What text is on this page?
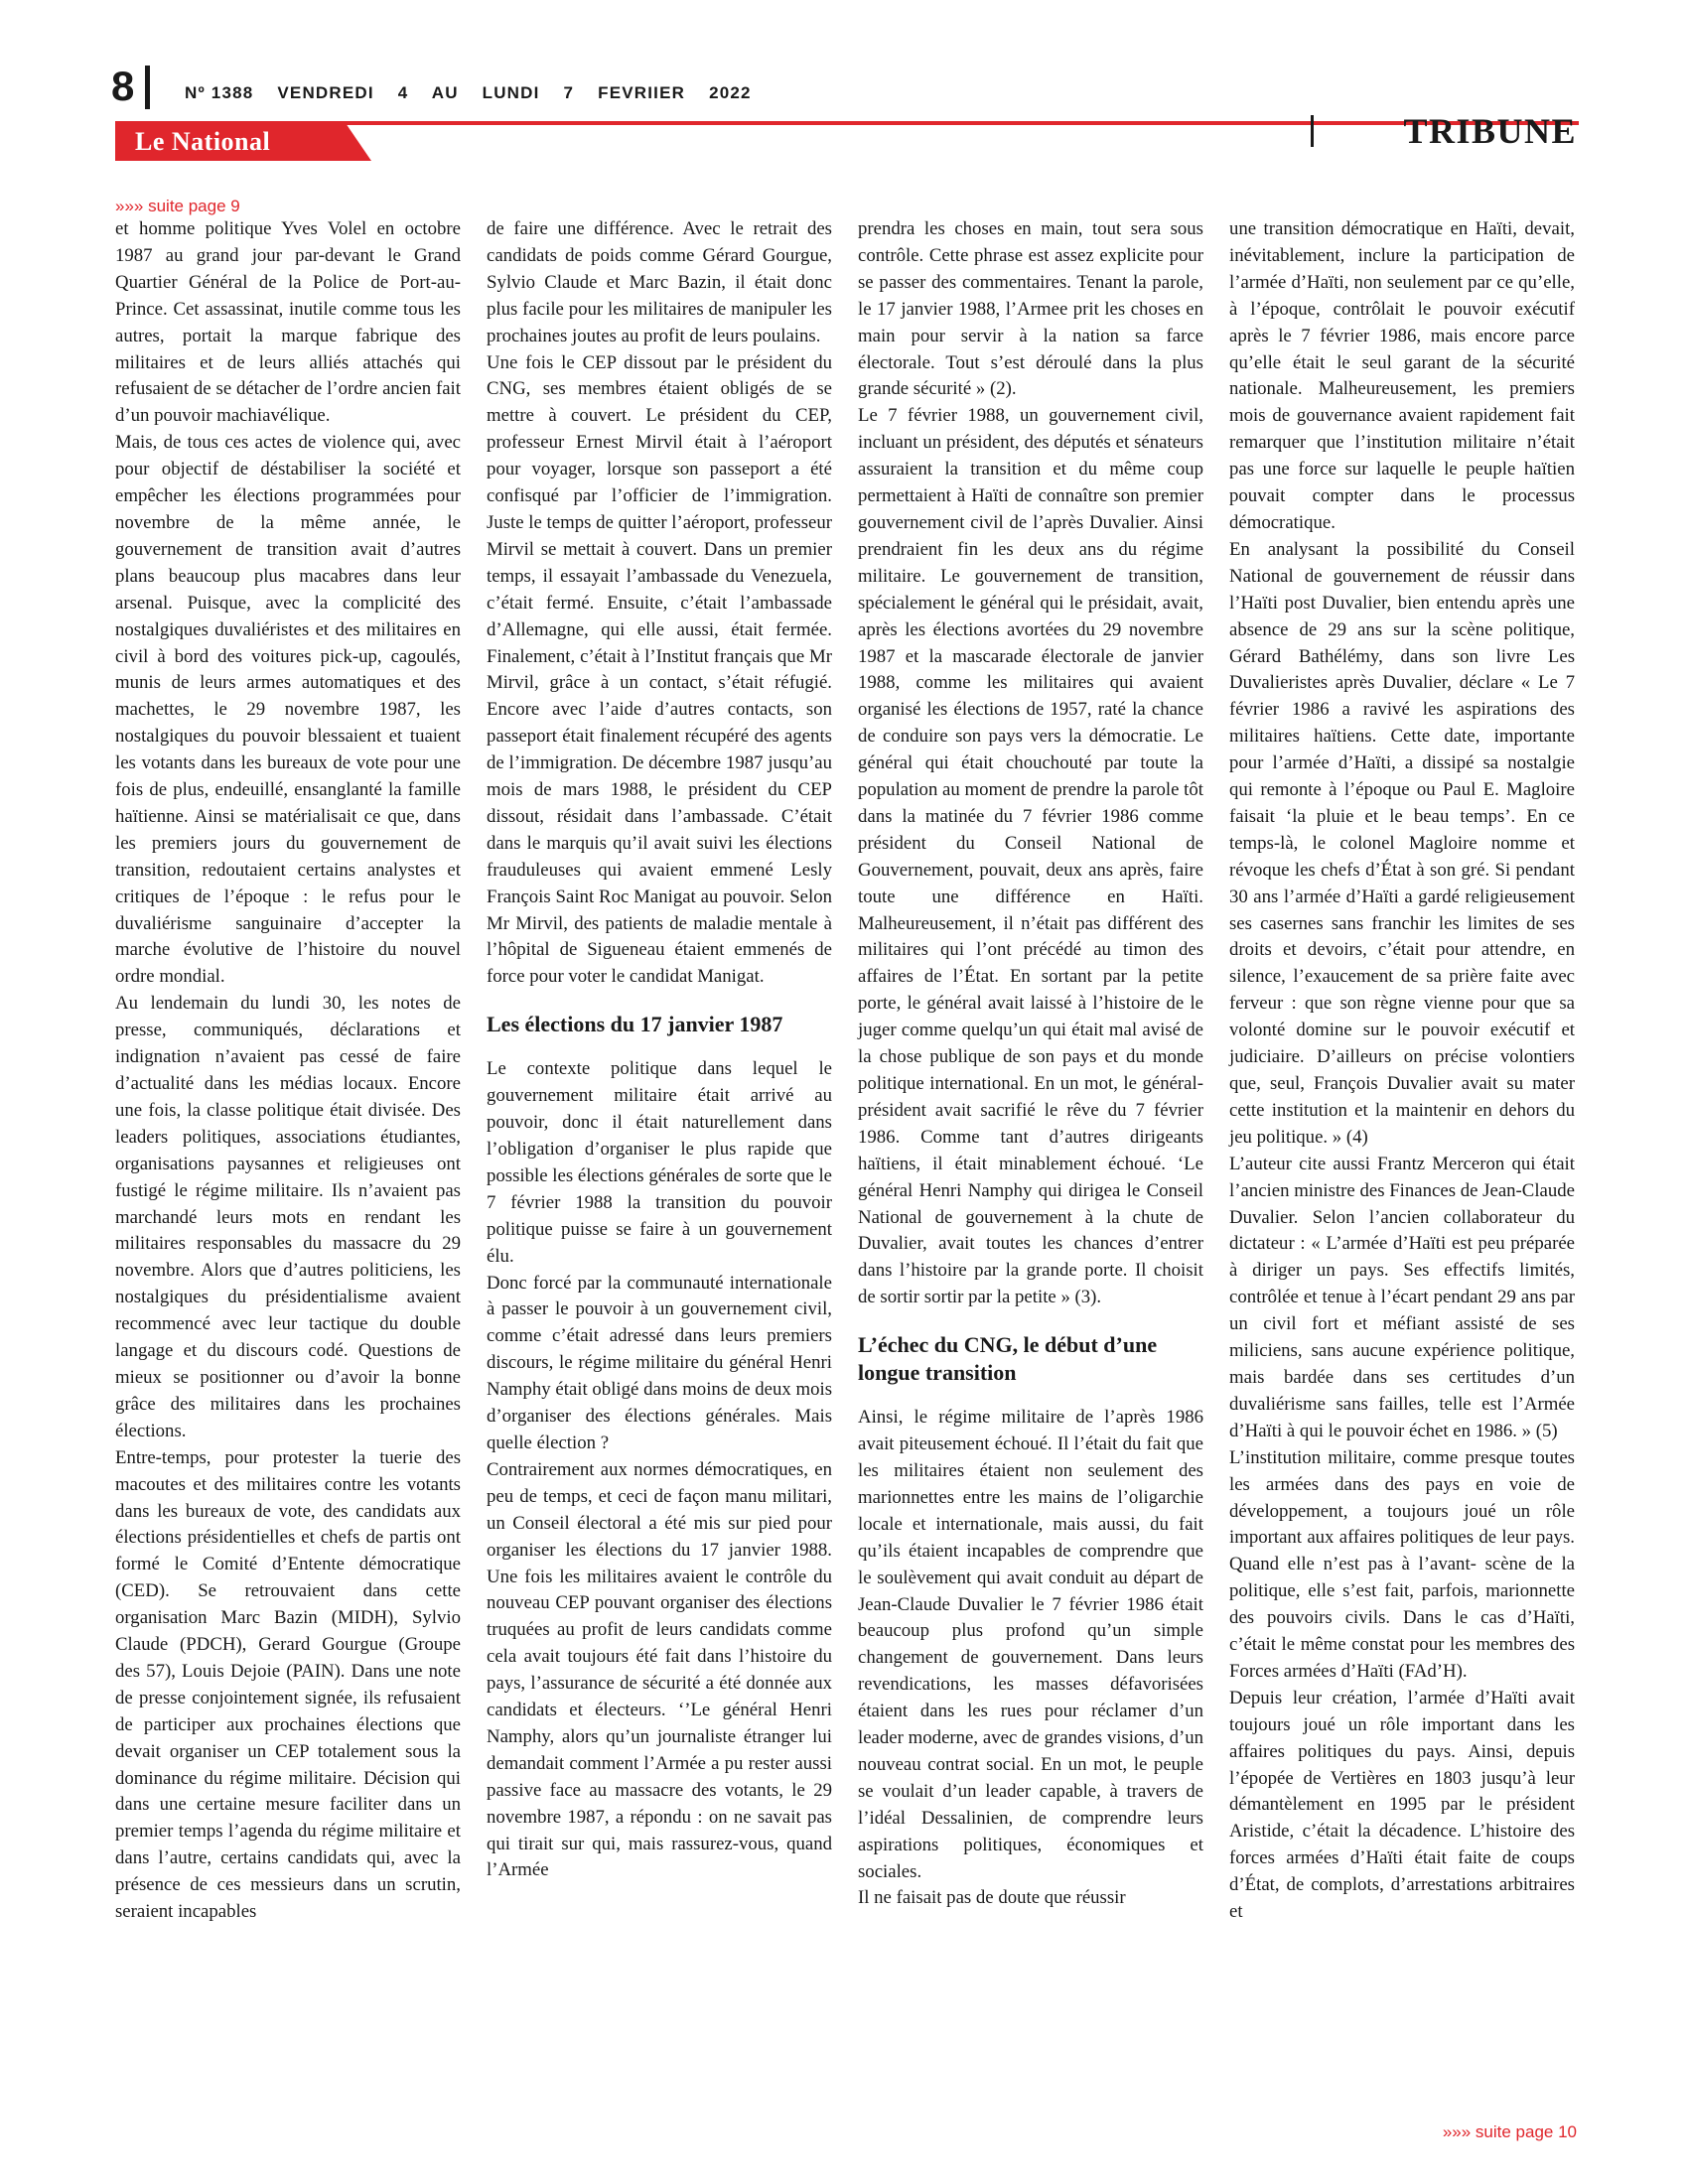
8	Nº 1388 VENDREDI 4 AU LUNDI 7 FEVRIIER 2022
Le National	TRIBUNE
»»» suite page 9

et homme politique Yves Volel en octobre 1987 au grand jour par-devant le Grand Quartier Général de la Police de Port-au-Prince. Cet assassinat, inutile comme tous les autres, portait la marque fabrique des militaires et de leurs alliés attachés qui refusaient de se détacher de l’ordre ancien fait d’un pouvoir machiavélique.

Mais, de tous ces actes de violence qui, avec pour objectif de déstabiliser la société et empêcher les élections programmées pour novembre de la même année, le gouvernement de transition avait d’autres plans beaucoup plus macabres dans leur arsenal. Puisque, avec la complicité des nostalgiques duvaliéristes et des militaires en civil à bord des voitures pick-up, cagoulés, munis de leurs armes automatiques et des machettes, le 29 novembre 1987, les nostalgiques du pouvoir blessaient et tuaient les votants dans les bureaux de vote pour une fois de plus, endeuillé, ensanglanté la famille haïtienne. Ainsi se matérialisait ce que, dans les premiers jours du gouvernement de transition, redoutaient certains analystes et critiques de l’époque : le refus pour le duvaliérisme sanguinaire d’accepter la marche évolutive de l’histoire du nouvel ordre mondial.

Au lendemain du lundi 30, les notes de presse, communiqués, déclarations et indignation n’avaient pas cessé de faire d’actualité dans les médias locaux. Encore une fois, la classe politique était divisée. Des leaders politiques, associations étudiantes, organisations paysannes et religieuses ont fustigé le régime militaire. Ils n’avaient pas marchandé leurs mots en rendant les militaires responsables du massacre du 29 novembre. Alors que d’autres politiciens, les nostalgiques du présidentialisme avaient recommencé avec leur tactique du double langage et du discours codé. Questions de mieux se positionner ou d’avoir la bonne grâce des militaires dans les prochaines élections.

Entre-temps, pour protester la tuerie des macoutes et des militaires contre les votants dans les bureaux de vote, des candidats aux élections présidentielles et chefs de partis ont formé le Comité d’Entente démocratique (CED). Se retrouvaient dans cette organisation Marc Bazin (MIDH), Sylvio Claude (PDCH), Gerard Gourgue (Groupe des 57), Louis Dejoie (PAIN). Dans une note de presse conjointement signée, ils refusaient de participer aux prochaines élections que devait organiser un CEP totalement sous la dominance du régime militaire. Décision qui dans une certaine mesure faciliter dans un premier temps l’agenda du régime militaire et dans l’autre, certains candidats qui, avec la présence de ces messieurs dans un scrutin, seraient incapables

de faire une différence. Avec le retrait des candidats de poids comme Gérard Gourgue, Sylvio Claude et Marc Bazin, il était donc plus facile pour les militaires de manipuler les prochaines joutes au profit de leurs poulains.

Une fois le CEP dissout par le président du CNG, ses membres étaient obligés de se mettre à couvert. Le président du CEP, professeur Ernest Mirvil était à l’aéroport pour voyager, lorsque son passeport a été confisqué par l’officier de l’immigration. Juste le temps de quitter l’aéroport, professeur Mirvil se mettait à couvert. Dans un premier temps, il essayait l’ambassade du Venezuela, c’était fermé. Ensuite, c’était l’ambassade d’Allemagne, qui elle aussi, était fermée. Finalement, c’était à l’Institut français que Mr Mirvil, grâce à un contact, s’était réfugié. Encore avec l’aide d’autres contacts, son passeport était finalement récupéré des agents de l’immigration. De décembre 1987 jusqu’au mois de mars 1988, le président du CEP dissout, résidait dans l’ambassade. C’était dans le marquis qu’il avait suivi les élections frauduleuses qui avaient emmené Lesly François Saint Roc Manigat au pouvoir. Selon Mr Mirvil, des patients de maladie mentale à l’hôpital de Sigueneau étaient emmenés de force pour voter le candidat Manigat.

Les élections du 17 janvier 1987

Le contexte politique dans lequel le gouvernement militaire était arrivé au pouvoir, donc il était naturellement dans l’obligation d’organiser le plus rapide que possible les élections générales de sorte que le 7 février 1988 la transition du pouvoir politique puisse se faire à un gouvernement élu.

Donc forcé par la communauté internationale à passer le pouvoir à un gouvernement civil, comme c’était adressé dans leurs premiers discours, le régime militaire du général Henri Namphy était obligé dans moins de deux mois d’organiser des élections générales. Mais quelle élection ?

Contrairement aux normes démocratiques, en peu de temps, et ceci de façon manu militari, un Conseil électoral a été mis sur pied pour organiser les élections du 17 janvier 1988. Une fois les militaires avaient le contrôle du nouveau CEP pouvant organiser des élections truquées au profit de leurs candidats comme cela avait toujours été fait dans l’histoire du pays, l’assurance de sécurité a été donnée aux candidats et électeurs. ‘’Le général Henri Namphy, alors qu’un journaliste étranger lui demandait comment l’Armée a pu rester aussi passive face au massacre des votants, le 29 novembre 1987, a répondu : on ne savait pas qui tirait sur qui, mais rassurez-vous, quand l’Armée

prendra les choses en main, tout sera sous contrôle. Cette phrase est assez explicite pour se passer des commentaires. Tenant la parole, le 17 janvier 1988, l’Armee prit les choses en main pour servir à la nation sa farce électorale. Tout s’est déroulé dans la plus grande sécurité » (2).

Le 7 février 1988, un gouvernement civil, incluant un président, des députés et sénateurs assuraient la transition et du même coup permettaient à Haïti de connaître son premier gouvernement civil de l’après Duvalier. Ainsi prendraient fin les deux ans du régime militaire. Le gouvernement de transition, spécialement le général qui le présidait, avait, après les élections avortées du 29 novembre 1987 et la mascarade électorale de janvier 1988, comme les militaires qui avaient organisé les élections de 1957, raté la chance de conduire son pays vers la démocratie. Le général qui était chouchouté par toute la population au moment de prendre la parole tôt dans la matinée du 7 février 1986 comme président du Conseil National de Gouvernement, pouvait, deux ans après, faire toute une différence en Haïti. Malheureusement, il n’était pas différent des militaires qui l’ont précédé au timon des affaires de l’État. En sortant par la petite porte, le général avait laissé à l’histoire de le juger comme quelqu’un qui était mal avisé de la chose publique de son pays et du monde politique international. En un mot, le général-président avait sacrifié le rêve du 7 février 1986. Comme tant d’autres dirigeants haïtiens, il était minablement échoué. ‘Le général Henri Namphy qui dirigea le Conseil National de gouvernement à la chute de Duvalier, avait toutes les chances d’entrer dans l’histoire par la grande porte. Il choisit de sortir sortir par la petite » (3).

L’échec du CNG, le début d’une longue transition

Ainsi, le régime militaire de l’après 1986 avait piteusement échoué. Il l’était du fait que les militaires étaient non seulement des marionnettes entre les mains de l’oligarchie locale et internationale, mais aussi, du fait qu’ils étaient incapables de comprendre que le soulèvement qui avait conduit au départ de Jean-Claude Duvalier le 7 février 1986 était beaucoup plus profond qu’un simple changement de gouvernement. Dans leurs revendications, les masses défavorisées étaient dans les rues pour réclamer d’un leader moderne, avec de grandes visions, d’un nouveau contrat social. En un mot, le peuple se voulait d’un leader capable, à travers de l’idéal Dessalinien, de comprendre leurs aspirations politiques, économiques et sociales.

Il ne faisait pas de doute que réussir

une transition démocratique en Haïti, devait, inévitablement, inclure la participation de l’armée d’Haïti, non seulement par ce qu’elle, à l’époque, contrôlait le pouvoir exécutif après le 7 février 1986, mais encore parce qu’elle était le seul garant de la sécurité nationale. Malheureusement, les premiers mois de gouvernance avaient rapidement fait remarquer que l’institution militaire n’était pas une force sur laquelle le peuple haïtien pouvait compter dans le processus démocratique.

En analysant la possibilité du Conseil National de gouvernement de réussir dans l’Haïti post Duvalier, bien entendu après une absence de 29 ans sur la scène politique, Gérard Bathélémy, dans son livre Les Duvalieristes après Duvalier, déclare « Le 7 février 1986 a ravivé les aspirations des militaires haïtiens. Cette date, importante pour l’armée d’Haïti, a dissipé sa nostalgie qui remonte à l’époque ou Paul E. Magloire faisait ‘la pluie et le beau temps’. En ce temps-là, le colonel Magloire nomme et révoque les chefs d’État à son gré. Si pendant 30 ans l’armée d’Haïti a gardé religieusement ses casernes sans franchir les limites de ses droits et devoirs, c’était pour attendre, en silence, l’exaucement de sa prière faite avec ferveur : que son règne vienne pour que sa volonté domine sur le pouvoir exécutif et judiciaire. D’ailleurs on précise volontiers que, seul, François Duvalier avait su mater cette institution et la maintenir en dehors du jeu politique. » (4)

L’auteur cite aussi Frantz Merceron qui était l’ancien ministre des Finances de Jean-Claude Duvalier. Selon l’ancien collaborateur du dictateur : « L’armée d’Haïti est peu préparée à diriger un pays. Ses effectifs limités, contrôlée et tenue à l’écart pendant 29 ans par un civil fort et méfiant assisté de ses miliciens, sans aucune expérience politique, mais bardée dans ses certitudes d’un duvaliérisme sans failles, telle est l’Armée d’Haïti à qui le pouvoir échet en 1986. » (5)

L’institution militaire, comme presque toutes les armées dans des pays en voie de développement, a toujours joué un rôle important aux affaires politiques de leur pays. Quand elle n’est pas à l’avant- scène de la politique, elle s’est fait, parfois, marionnette des pouvoirs civils. Dans le cas d’Haïti, c’était le même constat pour les membres des Forces armées d’Haïti (FAd’H).

Depuis leur création, l’armée d’Haïti avait toujours joué un rôle important dans les affaires politiques du pays. Ainsi, depuis l’épopée de Vertières en 1803 jusqu’à leur démantèlement en 1995 par le président Aristide, c’était la décadence. L’histoire des forces armées d’Haïti était faite de coups d’État, de complots, d’arrestations arbitraires et

»»» suite page 10
